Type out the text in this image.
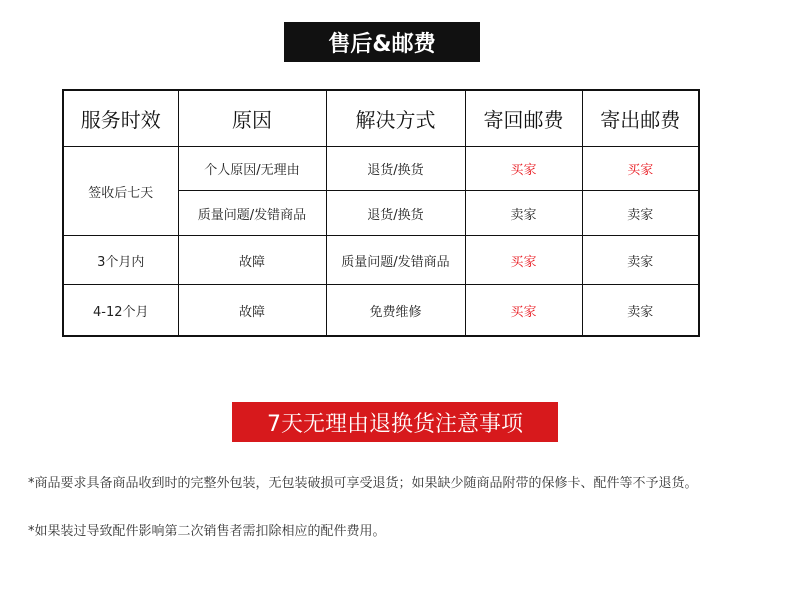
售后&邮费
服务时效	原因	解决方式	寄回邮费	寄出邮费
签收后七天	个人原因/无理由	退货/换货	买家	买家
	质量问题/发错商品	退货/换货	卖家	卖家
3个月内	故障	质量问题/发错商品	买家	卖家
4-12个月	故障	免费维修	买家	卖家
7天无理由退换货注意事项
*商品要求具备商品收到时的完整外包装，无包装破损可享受退货；如果缺少随商品附带的保修卡、配件等不予退货。
*如果装过导致配件影响第二次销售者需扣除相应的配件费用。
